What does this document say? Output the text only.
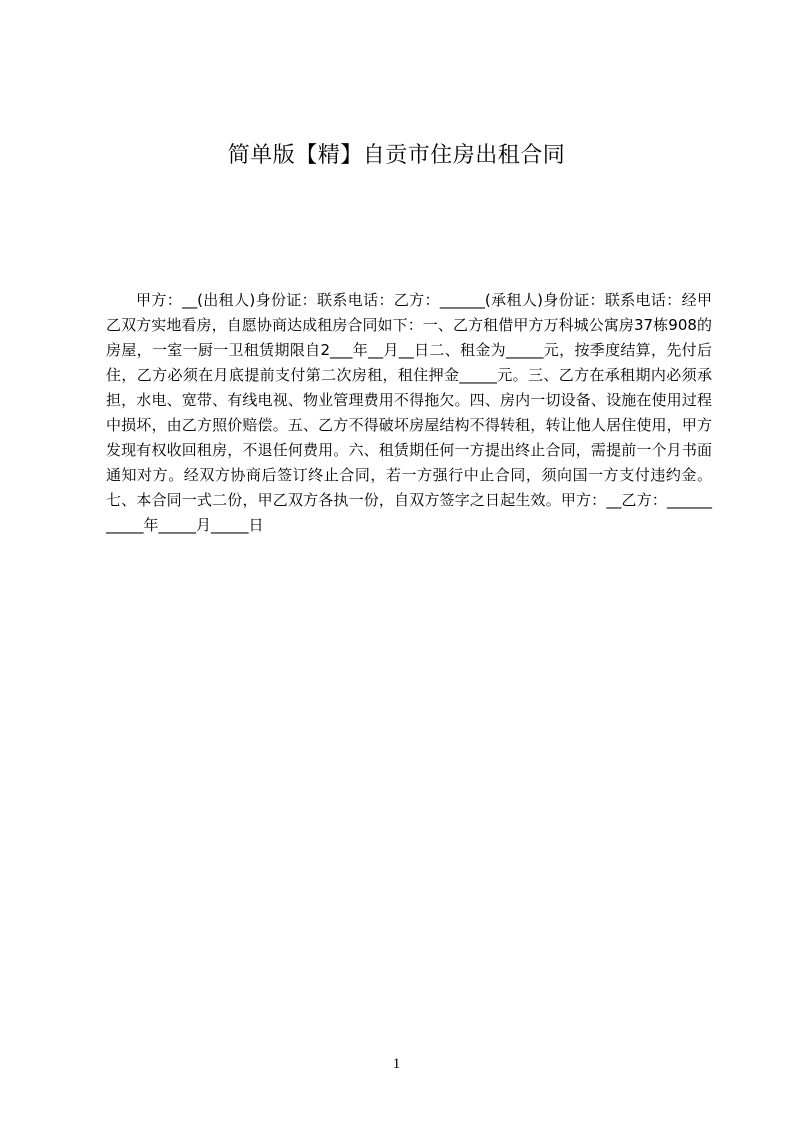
简单版【精】自贡市住房出租合同

甲方：__(出租人)身份证：联系电话：乙方：______(承租人)身份证：联系电话：经甲乙双方实地看房，自愿协商达成租房合同如下：一、乙方租借甲方万科城公寓房37栋908的房屋，一室一厨一卫租赁期限自2___年__月__日二、租金为_____元，按季度结算，先付后住，乙方必须在月底提前支付第二次房租，租住押金_____元。三、乙方在承租期内必须承担，水电、宽带、有线电视、物业管理费用不得拖欠。四、房内一切设备、设施在使用过程中损坏，由乙方照价赔偿。五、乙方不得破坏房屋结构不得转租，转让他人居住使用，甲方发现有权收回租房，不退任何费用。六、租赁期任何一方提出终止合同，需提前一个月书面通知对方。经双方协商后签订终止合同，若一方强行中止合同，须向国一方支付违约金。七、本合同一式二份，甲乙双方各执一份，自双方签字之日起生效。甲方：__乙方：___________年_____月_____日

1
